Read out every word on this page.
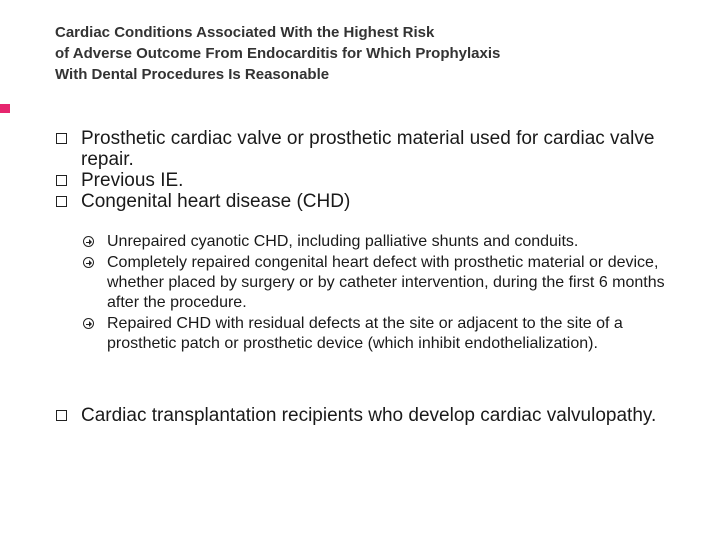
Cardiac Conditions Associated With the Highest Risk
of Adverse Outcome From Endocarditis for Which Prophylaxis
With Dental Procedures Is Reasonable
Prosthetic cardiac valve or prosthetic material used for cardiac valve repair.
Previous IE.
Congenital heart disease (CHD)
Unrepaired cyanotic CHD, including palliative shunts and conduits.
Completely repaired congenital heart defect with prosthetic material or device, whether placed by surgery or by catheter intervention, during the first 6 months after the procedure.
Repaired CHD with residual defects at the site or adjacent to the site of a prosthetic patch or prosthetic device (which inhibit endothelialization).
Cardiac transplantation recipients who develop cardiac valvulopathy.
